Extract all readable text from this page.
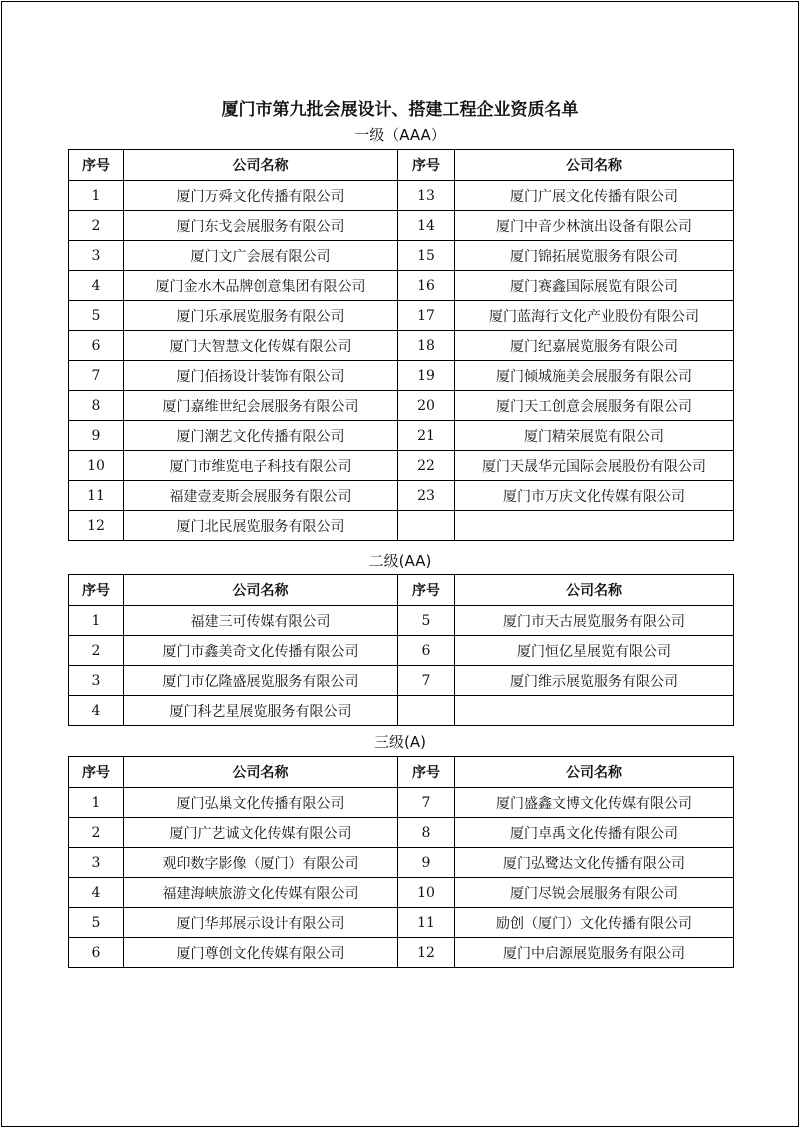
厦门市第九批会展设计、搭建工程企业资质名单
一级（AAA）
序号	公司名称	序号	公司名称
1	厦门万舜文化传播有限公司	13	厦门广展文化传播有限公司
2	厦门东戈会展服务有限公司	14	厦门中音少林演出设备有限公司
3	厦门文广会展有限公司	15	厦门锦拓展览服务有限公司
4	厦门金水木品牌创意集团有限公司	16	厦门赛鑫国际展览有限公司
5	厦门乐承展览服务有限公司	17	厦门蓝海行文化产业股份有限公司
6	厦门大智慧文化传媒有限公司	18	厦门纪嘉展览服务有限公司
7	厦门佰扬设计装饰有限公司	19	厦门倾城施美会展服务有限公司
8	厦门嘉维世纪会展服务有限公司	20	厦门天工创意会展服务有限公司
9	厦门潮艺文化传播有限公司	21	厦门精荣展览有限公司
10	厦门市维览电子科技有限公司	22	厦门天晟华元国际会展股份有限公司
11	福建壹麦斯会展服务有限公司	23	厦门市万庆文化传媒有限公司
12	厦门北民展览服务有限公司		
二级(AA)
序号	公司名称	序号	公司名称
1	福建三可传媒有限公司	5	厦门市天古展览服务有限公司
2	厦门市鑫美奇文化传播有限公司	6	厦门恒亿星展览有限公司
3	厦门市亿隆盛展览服务有限公司	7	厦门维示展览服务有限公司
4	厦门科艺星展览服务有限公司		
三级(A)
序号	公司名称	序号	公司名称
1	厦门弘巢文化传播有限公司	7	厦门盛鑫文博文化传媒有限公司
2	厦门广艺诚文化传媒有限公司	8	厦门卓禹文化传播有限公司
3	观印数字影像（厦门）有限公司	9	厦门弘鹭达文化传播有限公司
4	福建海峡旅游文化传媒有限公司	10	厦门尽锐会展服务有限公司
5	厦门华邦展示设计有限公司	11	励创（厦门）文化传播有限公司
6	厦门尊创文化传媒有限公司	12	厦门中启源展览服务有限公司
